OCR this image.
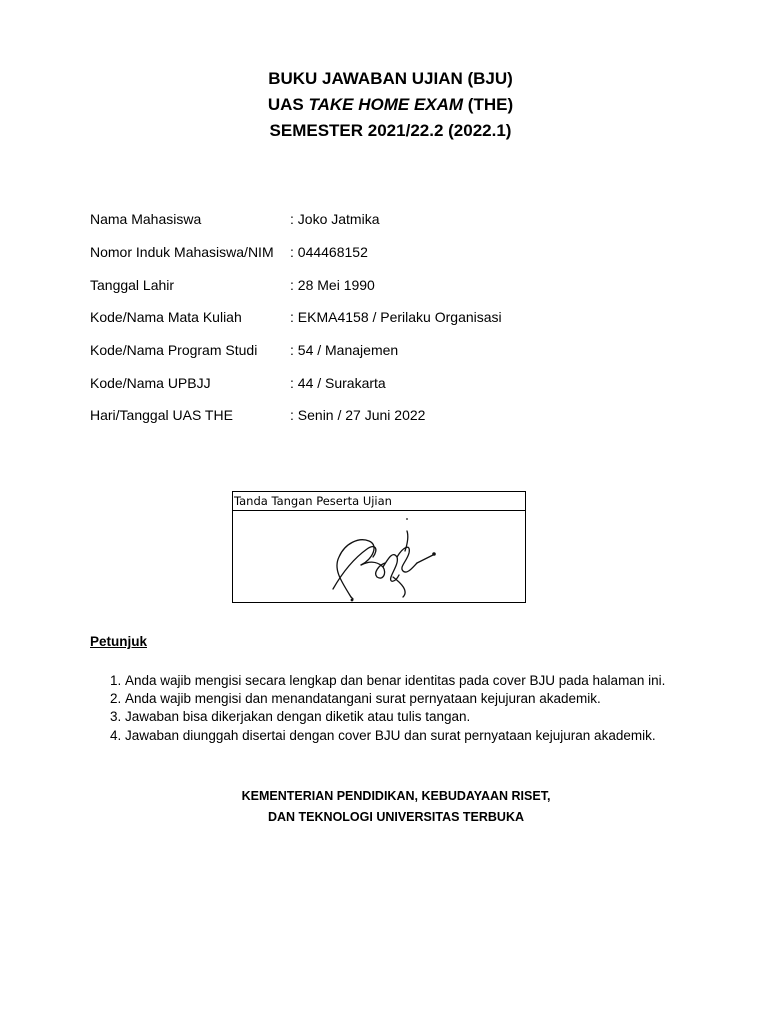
BUKU JAWABAN UJIAN (BJU)
UAS TAKE HOME EXAM (THE)
SEMESTER 2021/22.2 (2022.1)
Nama Mahasiswa	: Joko Jatmika
Nomor Induk Mahasiswa/NIM	: 044468152
Tanggal Lahir	: 28 Mei 1990
Kode/Nama Mata Kuliah	: EKMA4158 / Perilaku Organisasi
Kode/Nama Program Studi	: 54 / Manajemen
Kode/Nama UPBJJ	: 44 / Surakarta
Hari/Tanggal UAS THE	: Senin / 27 Juni 2022
Tanda Tangan Peserta Ujian
Petunjuk
1. Anda wajib mengisi secara lengkap dan benar identitas pada cover BJU pada halaman ini.
2. Anda wajib mengisi dan menandatangani surat pernyataan kejujuran akademik.
3. Jawaban bisa dikerjakan dengan diketik atau tulis tangan.
4. Jawaban diunggah disertai dengan cover BJU dan surat pernyataan kejujuran akademik.
KEMENTERIAN PENDIDIKAN, KEBUDAYAAN RISET,
DAN TEKNOLOGI UNIVERSITAS TERBUKA
